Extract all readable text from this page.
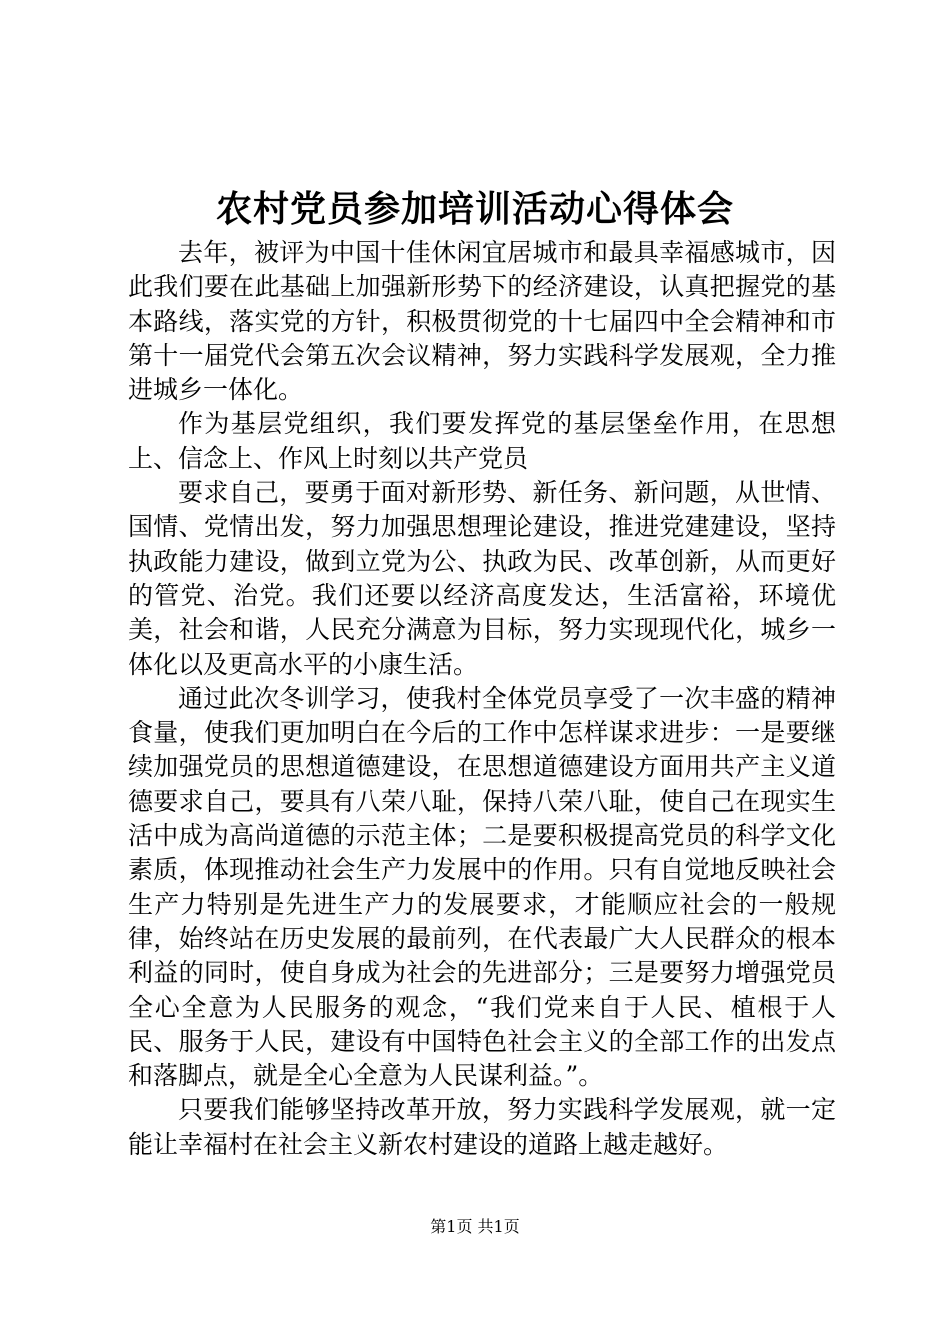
农村党员参加培训活动心得体会

去年，被评为中国十佳休闲宜居城市和最具幸福感城市，因此我们要在此基础上加强新形势下的经济建设，认真把握党的基本路线，落实党的方针，积极贯彻党的十七届四中全会精神和市第十一届党代会第五次会议精神，努力实践科学发展观，全力推进城乡一体化。

作为基层党组织，我们要发挥党的基层堡垒作用，在思想上、信念上、作风上时刻以共产党员

要求自己，要勇于面对新形势、新任务、新问题，从世情、国情、党情出发，努力加强思想理论建设，推进党建建设，坚持执政能力建设，做到立党为公、执政为民、改革创新，从而更好的管党、治党。我们还要以经济高度发达，生活富裕，环境优美，社会和谐，人民充分满意为目标，努力实现现代化，城乡一体化以及更高水平的小康生活。

通过此次冬训学习，使我村全体党员享受了一次丰盛的精神食量，使我们更加明白在今后的工作中怎样谋求进步：一是要继续加强党员的思想道德建设，在思想道德建设方面用共产主义道德要求自己，要具有八荣八耻，保持八荣八耻，使自己在现实生活中成为高尚道德的示范主体；二是要积极提高党员的科学文化素质，体现推动社会生产力发展中的作用。只有自觉地反映社会生产力特别是先进生产力的发展要求，才能顺应社会的一般规律，始终站在历史发展的最前列，在代表最广大人民群众的根本利益的同时，使自身成为社会的先进部分；三是要努力增强党员全心全意为人民服务的观念，“我们党来自于人民、植根于人民、服务于人民，建设有中国特色社会主义的全部工作的出发点和落脚点，就是全心全意为人民谋利益。”。

只要我们能够坚持改革开放，努力实践科学发展观，就一定能让幸福村在社会主义新农村建设的道路上越走越好。

第1页 共1页
